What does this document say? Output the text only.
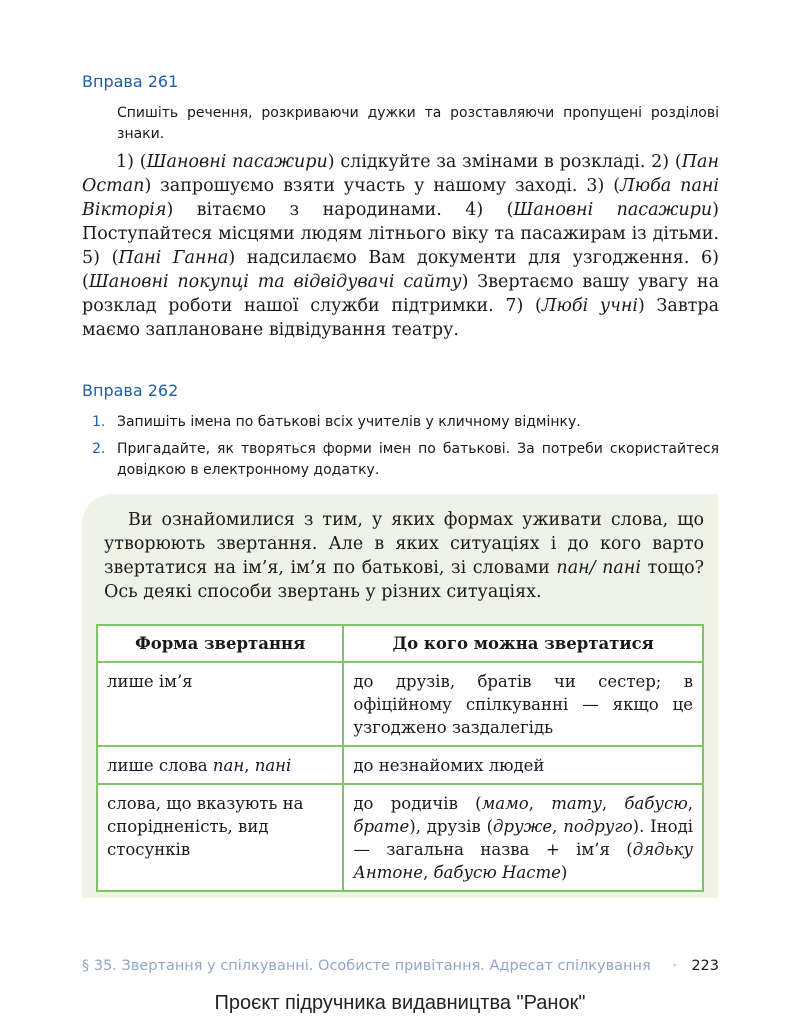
Вправа 261
Спишіть речення, розкриваючи дужки та розставляючи пропущені розділові знаки.
1) (Шановні пасажири) слідкуйте за змінами в розкладі. 2) (Пан Остап) запрошуємо взяти участь у нашому заході. 3) (Люба пані Вікторія) вітаємо з народинами. 4) (Шановні пасажири) Поступайтеся місцями людям літнього віку та пасажирам із дітьми. 5) (Пані Ганна) надсилаємо Вам документи для узгодження. 6) (Шановні покупці та відвідувачі сайту) Звертаємо вашу увагу на розклад роботи нашої служби підтримки. 7) (Любі учні) Завтра маємо заплановане відвідування театру.
Вправа 262
1. Запишіть імена по батькові всіх учителів у кличному відмінку.
2. Пригадайте, як творяться форми імен по батькові. За потреби скористайтеся довідкою в електронному додатку.
Ви ознайомилися з тим, у яких формах уживати слова, що утворюють звертання. Але в яких ситуаціях і до кого варто звертатися на ім’я, ім’я по батькові, зі словами пан/ пані тощо? Ось деякі способи звертань у різних ситуаціях.
Форма звертання	До кого можна звертатися
лише ім’я	до друзів, братів чи сестер; в офіційному спілкуванні — якщо це узгоджено заздалегідь
лише слова пан, пані	до незнайомих людей
слова, що вказують на спорідненість, вид стосунків	до родичів (мамо, тату, бабусю, брате), друзів (друже, подруго). Іноді — загальна назва + ім’я (дядьку Антоне, бабусю Насте)
§ 35. Звертання у спілкуванні. Особисте привітання. Адресат спілкування · 223
Проєкт підручника видавництва "Ранок"
